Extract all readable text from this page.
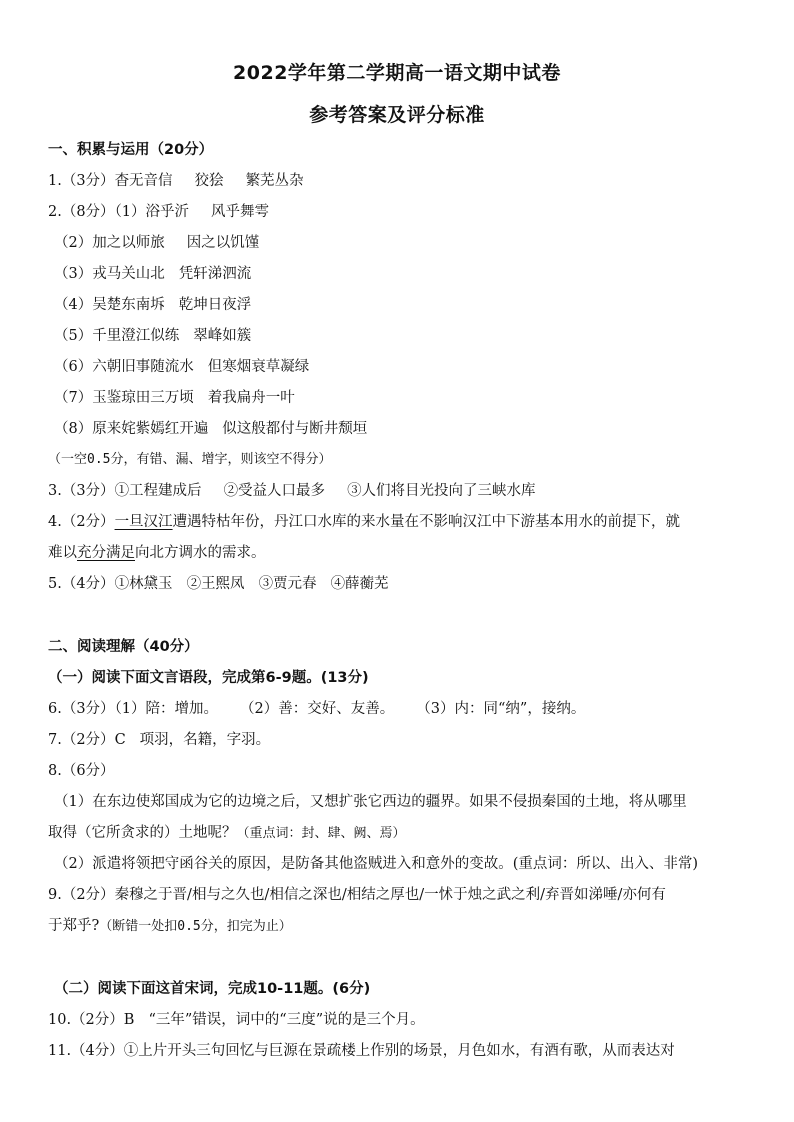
2022学年第二学期高一语文期中试卷
参考答案及评分标准
一、积累与运用（20分）
1.（3分）杳无音信 狡狯 繁芜丛杂
2.（8分）（1）浴乎沂 风乎舞雩
（2）加之以师旅 因之以饥馑
（3）戎马关山北 凭轩涕泗流
（4）吴楚东南坼 乾坤日夜浮
（5）千里澄江似练 翠峰如簇
（6）六朝旧事随流水 但寒烟衰草凝绿
（7）玉鉴琼田三万顷 着我扁舟一叶
（8）原来姹紫嫣红开遍 似这般都付与断井颓垣
（一空0.5分，有错、漏、增字，则该空不得分）
3.（3分）①工程建成后 ②受益人口最多 ③人们将目光投向了三峡水库
4.（2分）一旦汉江遭遇特枯年份，丹江口水库的来水量在不影响汉江中下游基本用水的前提下，就
难以充分满足向北方调水的需求。
5.（4分）①林黛玉 ②王熙凤 ③贾元春 ④薛蘅芜
二、阅读理解（40分）
（一）阅读下面文言语段，完成第6-9题。(13分)
6.（3分）（1）陪：增加。 （2）善：交好、友善。 （3）内：同“纳”，接纳。
7.（2分）C 项羽，名籍，字羽。
8.（6分）
（1）在东边使郑国成为它的边境之后，又想扩张它西边的疆界。如果不侵损秦国的土地，将从哪里
取得（它所贪求的）土地呢？（重点词：封、肆、阙、焉）
（2）派遣将领把守函谷关的原因，是防备其他盗贼进入和意外的变故。(重点词：所以、出入、非常)
9.（2分）秦穆之于晋/相与之久也/相信之深也/相结之厚也/一怵于烛之武之利/弃晋如涕唾/亦何有
于郑乎?（断错一处扣0.5分，扣完为止）
（二）阅读下面这首宋词，完成10-11题。(6分)
10.（2分）B “三年”错误，词中的“三度”说的是三个月。
11.（4分）①上片开头三句回忆与巨源在景疏楼上作别的场景，月色如水，有酒有歌，从而表达对
